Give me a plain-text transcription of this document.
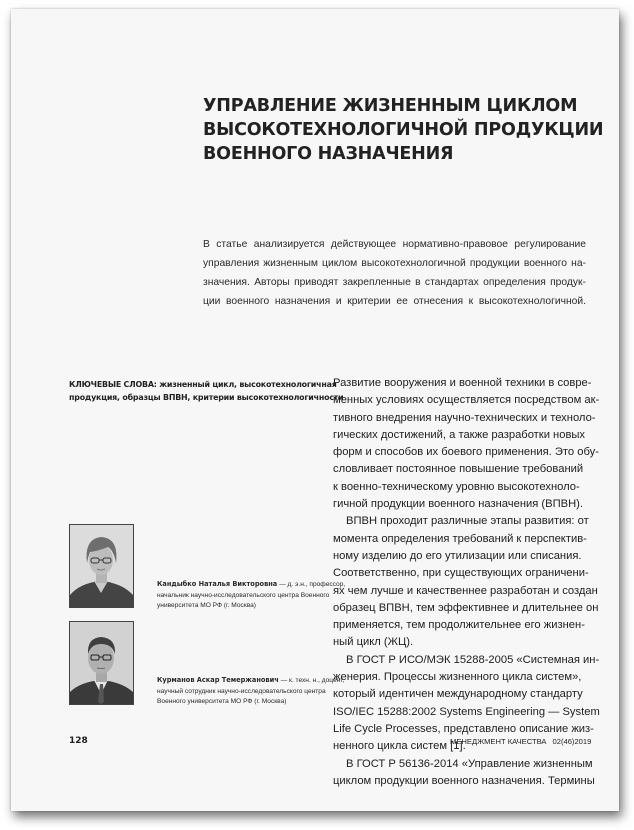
УПРАВЛЕНИЕ ЖИЗНЕННЫМ ЦИКЛОМ
ВЫСОКОТЕХНОЛОГИЧНОЙ ПРОДУКЦИИ
ВОЕННОГО НАЗНАЧЕНИЯ
В статье анализируется действующее нормативно-правовое регулирование
управления жизненным циклом высокотехнологичной продукции военного на-
значения. Авторы приводят закрепленные в стандартах определения продук-
ции военного назначения и критерии ее отнесения к высокотехнологичной.
КЛЮЧЕВЫЕ СЛОВА: жизненный цикл, высокотехнологичная
продукция, образцы ВПВН, критерии высокотехнологичности
Развитие вооружения и военной техники в совре-
менных условиях осуществляется посредством ак-
тивного внедрения научно-технических и техноло-
гических достижений, а также разработки новых
форм и способов их боевого применения. Это обу-
словливает постоянное повышение требований
к военно-техническому уровню высокотехноло-
гичной продукции военного назначения (ВПВН).
ВПВН проходит различные этапы развития: от
момента определения требований к перспектив-
ному изделию до его утилизации или списания.
Соответственно, при существующих ограничени-
ях чем лучше и качественнее разработан и создан
образец ВПВН, тем эффективнее и длительнее он
применяется, тем продолжительнее его жизнен-
ный цикл (ЖЦ).
В ГОСТ Р ИСО/МЭК 15288-2005 «Системная ин-
женерия. Процессы жизненного цикла систем»,
который идентичен международному стандарту
ISO/IEC 15288:2002 Systems Engineering — System
Life Cycle Processes, представлено описание жиз-
ненного цикла систем [1].
В ГОСТ Р 56136-2014 «Управление жизненным
циклом продукции военного назначения. Термины
Кандыбко Наталья Викторовна — д. э.н., профессор,
начальник научно-исследовательского центра Военного
университета МО РФ (г. Москва)
Курманов Аскар Темержанович — к. техн. н., доцент,
научный сотрудник научно-исследовательского центра
Военного университета МО РФ (г. Москва)
128	МЕНЕДЖМЕНТ КАЧЕСТВА 02(46)2019
